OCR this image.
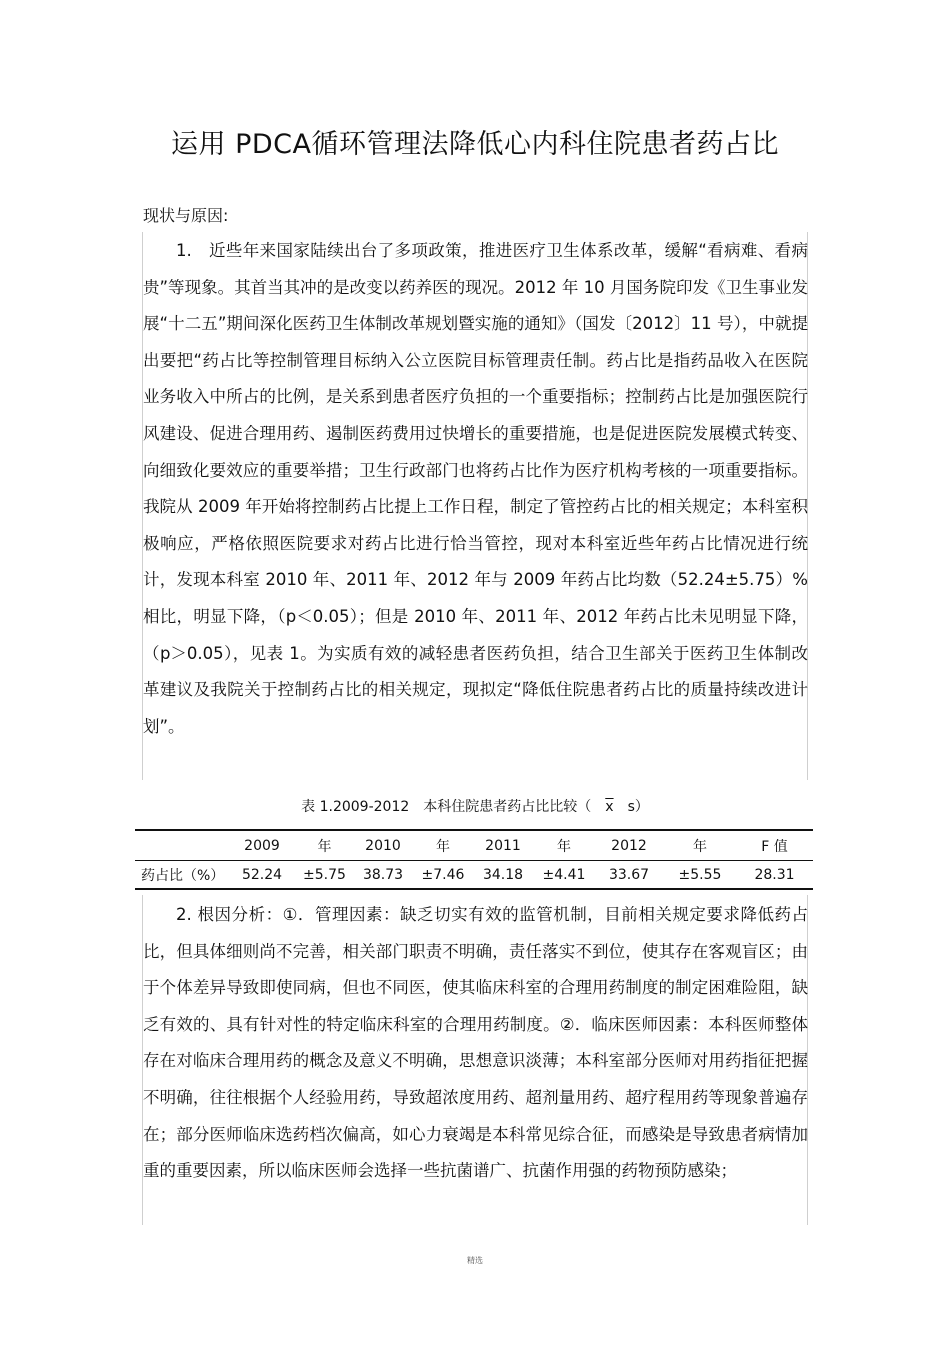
运用 PDCA循环管理法降低心内科住院患者药占比
现状与原因:
1.　近些年来国家陆续出台了多项政策，推进医疗卫生体系改革，缓解“看病难、看病贵”等现象。其首当其冲的是改变以药养医的现况。2012 年 10 月国务院印发《卫生事业发展“十二五”期间深化医药卫生体制改革规划暨实施的通知》（国发〔2012〕11 号），中就提出要把“药占比等控制管理目标纳入公立医院目标管理责任制。药占比是指药品收入在医院业务收入中所占的比例，是关系到患者医疗负担的一个重要指标；控制药占比是加强医院行风建设、促进合理用药、遏制医药费用过快增长的重要措施，也是促进医院发展模式转变、向细致化要效应的重要举措；卫生行政部门也将药占比作为医疗机构考核的一项重要指标。我院从 2009 年开始将控制药占比提上工作日程，制定了管控药占比的相关规定；本科室积极响应，严格依照医院要求对药占比进行恰当管控，现对本科室近些年药占比情况进行统计，发现本科室 2010 年、2011 年、2012 年与 2009 年药占比均数（52.24±5.75）%相比，明显下降，（p＜0.05）；但是 2010 年、2011 年、2012 年药占比未见明显下降，（p＞0.05），见表 1。为实质有效的减轻患者医药负担，结合卫生部关于医药卫生体制改革建议及我院关于控制药占比的相关规定，现拟定“降低住院患者药占比的质量持续改进计划”。
表 1.2009-2012　本科住院患者药占比比较（ $\overline{x}$　 s）
	2009	年	2010	年	2011	年	2012	年	F 值
药占比（%）	52.24	±5.75	38.73	±7.46	34.18	±4.41	33.67	±5.55	28.31
2. 根因分析：①．管理因素：缺乏切实有效的监管机制，目前相关规定要求降低药占比，但具体细则尚不完善，相关部门职责不明确，责任落实不到位，使其存在客观盲区；由于个体差异导致即使同病，但也不同医，使其临床科室的合理用药制度的制定困难险阻，缺乏有效的、具有针对性的特定临床科室的合理用药制度。②．临床医师因素：本科医师整体存在对临床合理用药的概念及意义不明确，思想意识淡薄；本科室部分医师对用药指征把握不明确，往往根据个人经验用药，导致超浓度用药、超剂量用药、超疗程用药等现象普遍存在；部分医师临床选药档次偏高，如心力衰竭是本科常见综合征，而感染是导致患者病情加重的重要因素，所以临床医师会选择一些抗菌谱广、抗菌作用强的药物预防感染；
精选
